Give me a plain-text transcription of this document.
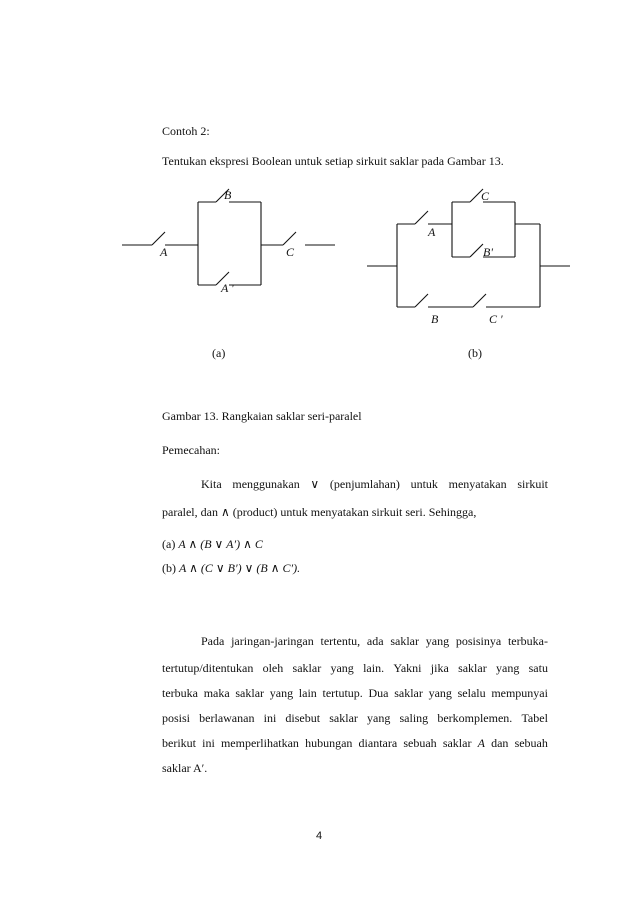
Contoh 2:
Tentukan ekspresi Boolean untuk setiap sirkuit saklar pada Gambar 13.
A
B
A '
C
(a)
A
C
B'
B	C '
(b)
Gambar 13. Rangkaian saklar seri-paralel
Pemecahan:
Kita menggunakan ∨ (penjumlahan) untuk menyatakan sirkuit
paralel, dan ∧ (product) untuk menyatakan sirkuit seri. Sehingga,
(a) A ∧ (B ∨ A′) ∧ C
(b) A ∧ (C ∨ B′) ∨ (B ∧ C′).
Pada jaringan-jaringan tertentu, ada saklar yang posisinya terbuka-
tertutup/ditentukan oleh saklar yang lain. Yakni jika saklar yang satu
terbuka maka saklar yang lain tertutup. Dua saklar yang selalu mempunyai
posisi berlawanan ini disebut saklar yang saling berkomplemen. Tabel
berikut ini memperlihatkan hubungan diantara sebuah saklar A dan sebuah
saklar A′.
4
